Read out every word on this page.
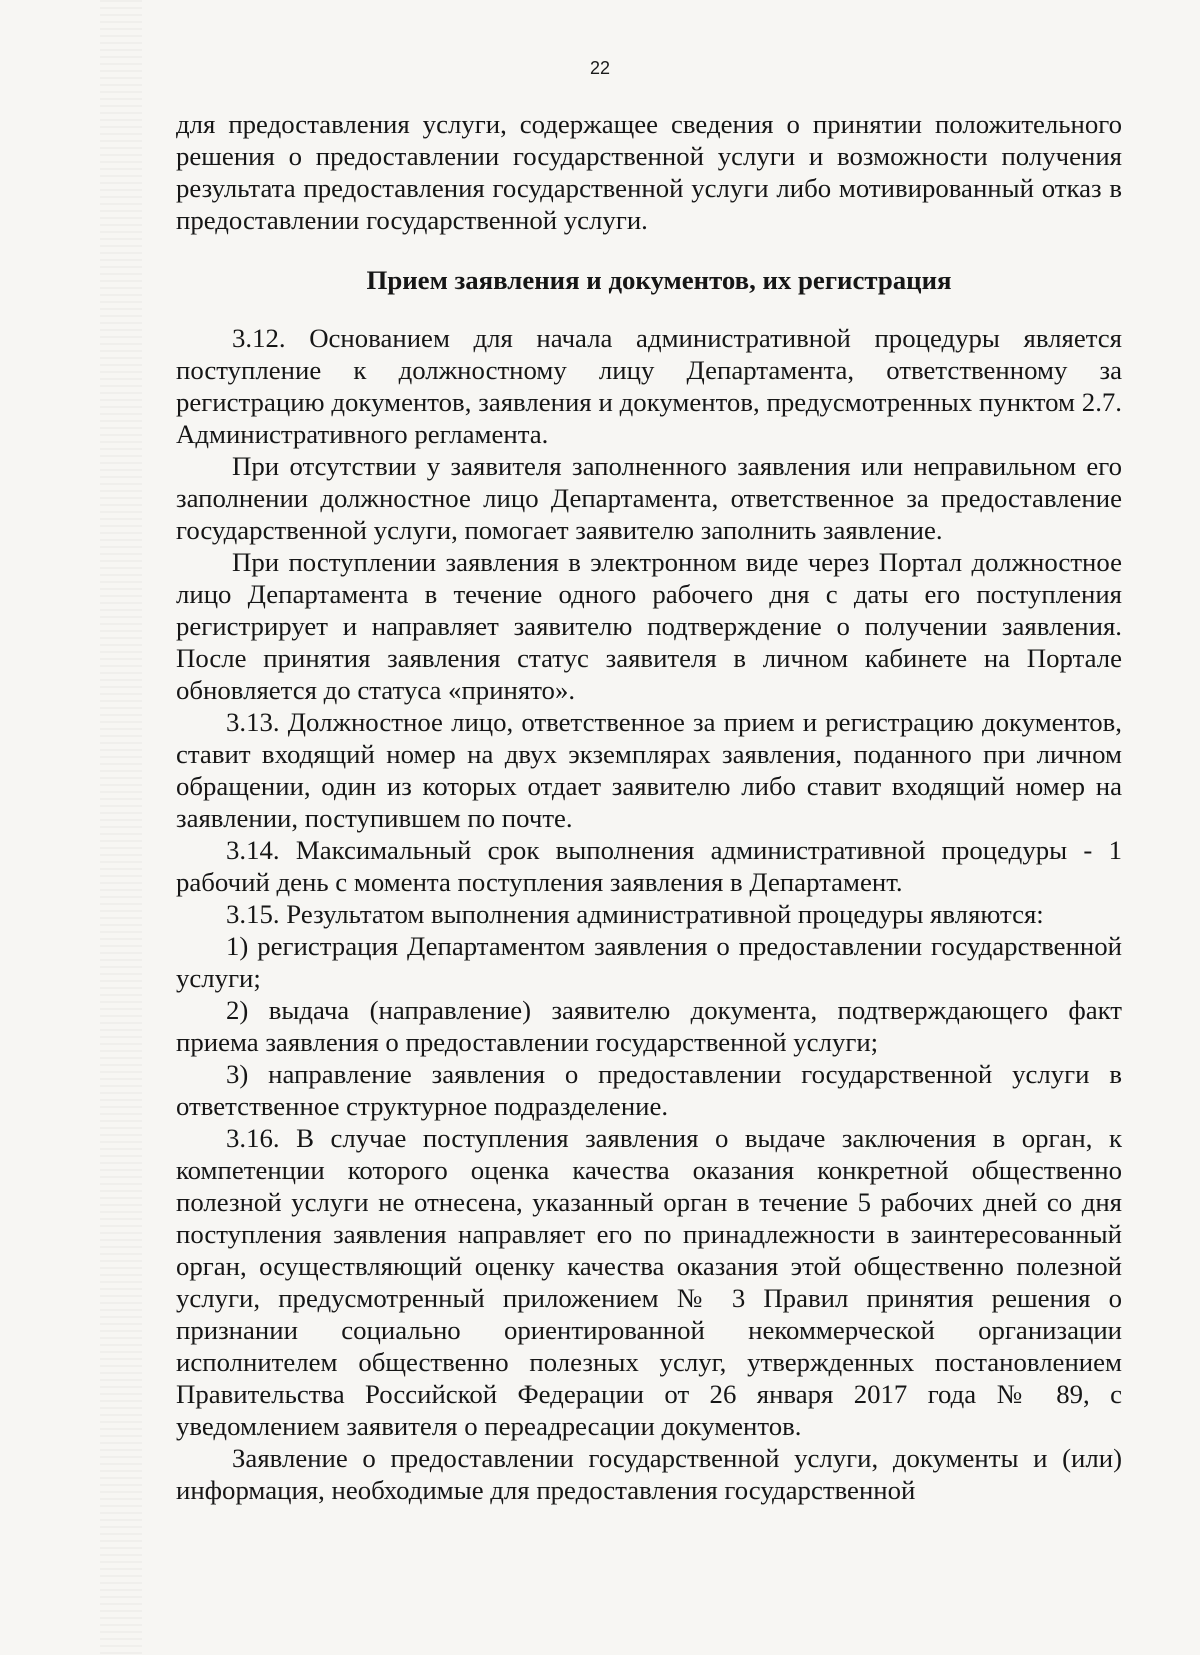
22

для предоставления услуги, содержащее сведения о принятии положительного решения о предоставлении государственной услуги и возможности получения результата предоставления государственной услуги либо мотивированный отказ в предоставлении государственной услуги.

Прием заявления и документов, их регистрация

3.12. Основанием для начала административной процедуры является поступление к должностному лицу Департамента, ответственному за регистрацию документов, заявления и документов, предусмотренных пунктом 2.7. Административного регламента.

При отсутствии у заявителя заполненного заявления или неправильном его заполнении должностное лицо Департамента, ответственное за предоставление государственной услуги, помогает заявителю заполнить заявление.

При поступлении заявления в электронном виде через Портал должностное лицо Департамента в течение одного рабочего дня с даты его поступления регистрирует и направляет заявителю подтверждение о получении заявления. После принятия заявления статус заявителя в личном кабинете на Портале обновляется до статуса «принято».

3.13. Должностное лицо, ответственное за прием и регистрацию документов, ставит входящий номер на двух экземплярах заявления, поданного при личном обращении, один из которых отдает заявителю либо ставит входящий номер на заявлении, поступившем по почте.

3.14. Максимальный срок выполнения административной процедуры - 1 рабочий день с момента поступления заявления в Департамент.

3.15. Результатом выполнения административной процедуры являются:

1) регистрация Департаментом заявления о предоставлении государственной услуги;

2) выдача (направление) заявителю документа, подтверждающего факт приема заявления о предоставлении государственной услуги;

3) направление заявления о предоставлении государственной услуги в ответственное структурное подразделение.

3.16. В случае поступления заявления о выдаче заключения в орган, к компетенции которого оценка качества оказания конкретной общественно полезной услуги не отнесена, указанный орган в течение 5 рабочих дней со дня поступления заявления направляет его по принадлежности в заинтересованный орган, осуществляющий оценку качества оказания этой общественно полезной услуги, предусмотренный приложением № 3 Правил принятия решения о признании социально ориентированной некоммерческой организации исполнителем общественно полезных услуг, утвержденных постановлением Правительства Российской Федерации от 26 января 2017 года № 89, с уведомлением заявителя о переадресации документов.

Заявление о предоставлении государственной услуги, документы и (или) информация, необходимые для предоставления государственной
